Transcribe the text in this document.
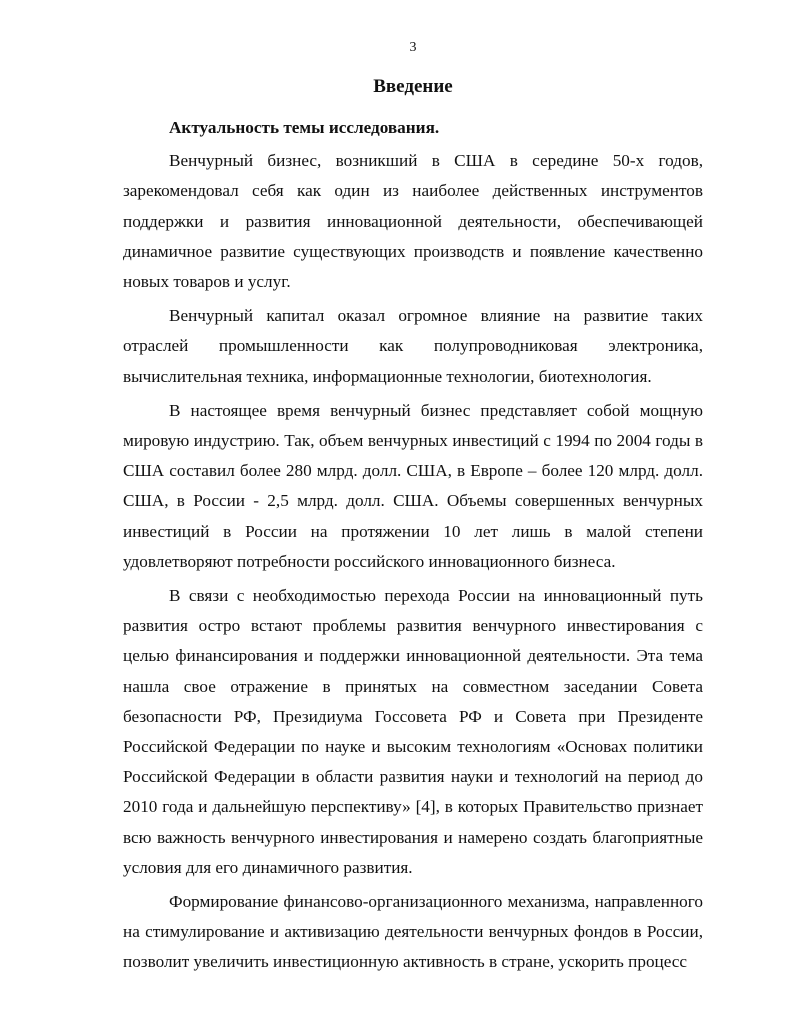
3
Введение

Актуальность темы исследования.

Венчурный бизнес, возникший в США в середине 50-х годов, зарекомендовал себя как один из наиболее действенных инструментов поддержки и развития инновационной деятельности, обеспечивающей динамичное развитие существующих производств и появление качественно новых товаров и услуг.

Венчурный капитал оказал огромное влияние на развитие таких отраслей промышленности как полупроводниковая электроника, вычислительная техника, информационные технологии, биотехнология.

В настоящее время венчурный бизнес представляет собой мощную мировую индустрию. Так, объем венчурных инвестиций с 1994 по 2004 годы в США составил более 280 млрд. долл. США, в Европе – более 120 млрд. долл. США, в России - 2,5 млрд. долл. США. Объемы совершенных венчурных инвестиций в России на протяжении 10 лет лишь в малой степени удовлетворяют потребности российского инновационного бизнеса.

В связи с необходимостью перехода России на инновационный путь развития остро встают проблемы развития венчурного инвестирования с целью финансирования и поддержки инновационной деятельности. Эта тема нашла свое отражение в принятых на совместном заседании Совета безопасности РФ, Президиума Госсовета РФ и Совета при Президенте Российской Федерации по науке и высоким технологиям «Основах политики Российской Федерации в области развития науки и технологий на период до 2010 года и дальнейшую перспективу» [4], в которых Правительство признает всю важность венчурного инвестирования и намерено создать благоприятные условия для его динамичного развития.

Формирование финансово-организационного механизма, направленного на стимулирование и активизацию деятельности венчурных фондов в России, позволит увеличить инвестиционную активность в стране, ускорить процесс
